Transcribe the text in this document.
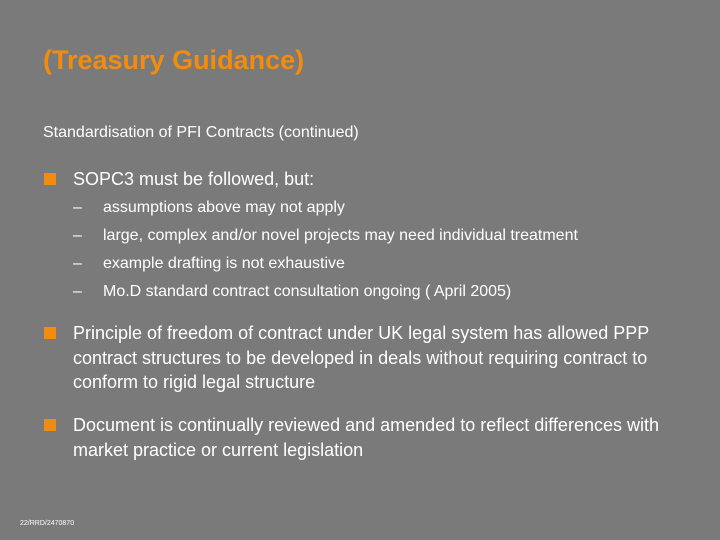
(Treasury Guidance)
Standardisation of PFI Contracts (continued)
SOPC3 must be followed, but:
– assumptions above may not apply
– large, complex and/or novel projects may need individual treatment
– example drafting is not exhaustive
– Mo.D standard contract consultation ongoing ( April 2005)
Principle of freedom of contract under UK legal system has allowed PPP contract structures to be developed in deals without requiring contract to conform to rigid legal structure
Document is continually reviewed and amended to reflect differences with market practice or current legislation
22/RRD/2470870
